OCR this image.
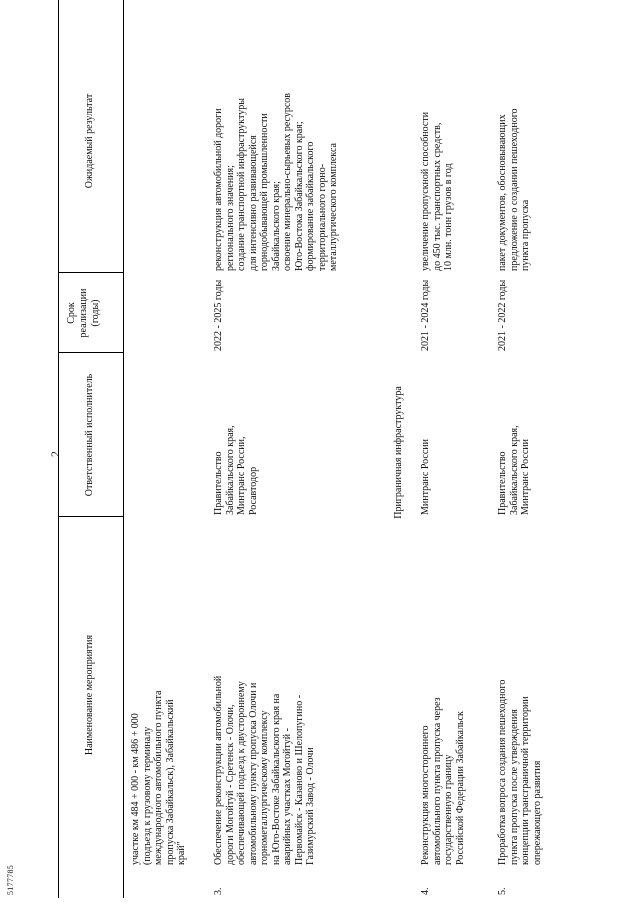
2
5177785
Наименование мероприятия
Ответственный исполнитель
Срок
реализации
(годы)
Ожидаемый результат
участке км 484 + 000 - км 486 + 000
(подъезд к грузовому терминалу
международного автомобильного пункта
пропуска Забайкальск), Забайкальский
край"
3.
Обеспечение реконструкции автомобильной
дороги Могойтуй - Сретенск - Олочи,
обеспечивающей подъезд к двустороннему
автомобильному пункту пропуска Олочи и
горнометаллургическому комплексу
на Юго-Востоке Забайкальского края на
аварийных участках Могойтуй -
Первомайск - Казаново и Шелопугино -
Газимурский Завод - Олочи
Правительство
Забайкальского края,
Минтранс России,
Росавтодор
2022 - 2025 годы
реконструкция автомобильной дороги
регионального значения;
создание транспортной инфраструктуры
для интенсивно развивающейся
горнодобывающей промышленности
Забайкальского края;
освоение минерально-сырьевых ресурсов
Юго-Востока Забайкальского края;
формирование забайкальского
территориального горно-
металлургического комплекса
Приграничная инфраструктура
4.
Реконструкция многостороннего
автомобильного пункта пропуска через
государственную границу
Российской Федерации Забайкальск
Минтранс России
2021 - 2024 годы
увеличение пропускной способности
до 450 тыс. транспортных средств,
10 млн. тонн грузов в год
5.
Проработка вопроса создания пешеходного
пункта пропуска после утверждения
концепции трансграничной территории
опережающего развития
Правительство
Забайкальского края,
Минтранс России
2021 - 2022 годы
пакет документов, обосновывающих
предложение о создании пешеходного
пункта пропуска
